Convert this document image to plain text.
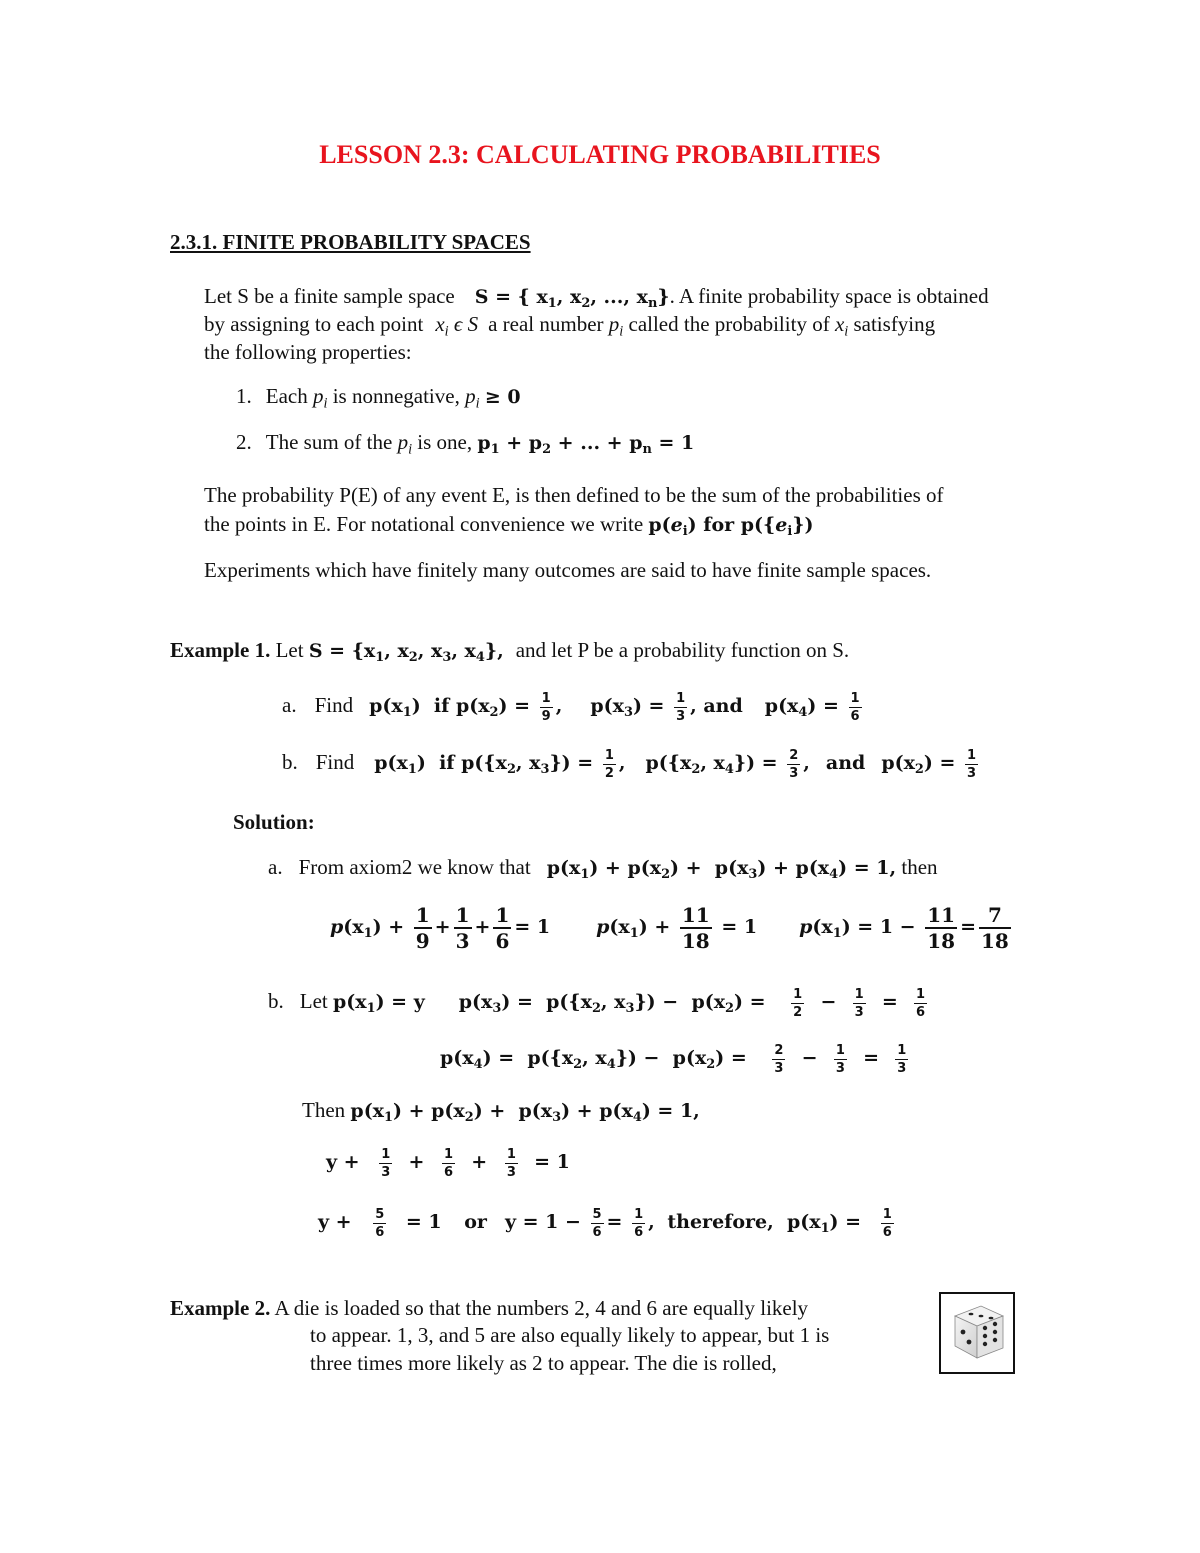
LESSON 2.3: CALCULATING PROBABILITIES
2.3.1. FINITE PROBABILITY SPACES
Let S be a finite sample space S = { $x_1$, $x_2$, ..., $x_n$}. A finite probability space is obtained
by assigning to each point $x_i$ ϵ S a real number $p_i$ called the probability of $x_i$ satisfying
the following properties:
1. Each $p_i$ is nonnegative, $p_i \ge 0$
2. The sum of the $p_i$ is one, $p_1 + p_2$ + ... + $p_n = 1$
The probability P(E) of any event E, is then defined to be the sum of the probabilities of
the points in E. For notational convenience we write $p(e_i)$ for $p(\{e_i\})$
Experiments which have finitely many outcomes are said to have finite sample spaces.
Example 1. Let $S = \{x_1$, $x_2$, $x_3$, $x_4$}, and let P be a probability function on S.
a. Find $p(x_1)$  if $p(x_2) = \frac{1}{9}$ , $p(x_3) = \frac{1}{3}$ , and $p(x_4) = \frac{1}{6}$
b. Find $p(x_1)$  if $p(\{x_2$, $x_3\}) = \frac{1}{2}$ , $p(\{x_2$, $x_4\}) = \frac{2}{3}$ , and $p(x_2) = \frac{1}{3}$
Solution:
a. From axiom2 we know that $p(x_1) + p(x_2) + p(x_3) + p(x_4) = 1$, then
$p(x_1) + \frac{1}{9} + \frac{1}{3} + \frac{1}{6} = 1$ $p(x_1) + \frac{11}{18} = 1$ $p(x_1) = 1 - \frac{11}{18} = \frac{7}{18}$
b. Let $p(x_1) = y$ $p(x_3) = p(\{x_2$, $x_3\}) - p(x_2) = \frac{1}{2} - \frac{1}{3} = \frac{1}{6}$
$p(x_4) = p(\{x_2$, $x_4\}) - p(x_2) = \frac{2}{3} - \frac{1}{3} = \frac{1}{3}$
Then $p(x_1) + p(x_2) + p(x_3) + p(x_4) = 1$,
$y + \frac{1}{3} + \frac{1}{6} + \frac{1}{3} = 1$
$y + \frac{5}{6} = 1$ or $y = 1 - \frac{5}{6} = \frac{1}{6}$ , therefore,  $p(x_1) = \frac{1}{6}$
Example 2. A die is loaded so that the numbers 2, 4 and 6 are equally likely
to appear. 1, 3, and 5 are also equally likely to appear, but 1 is
three times more likely as 2 to appear. The die is rolled,
